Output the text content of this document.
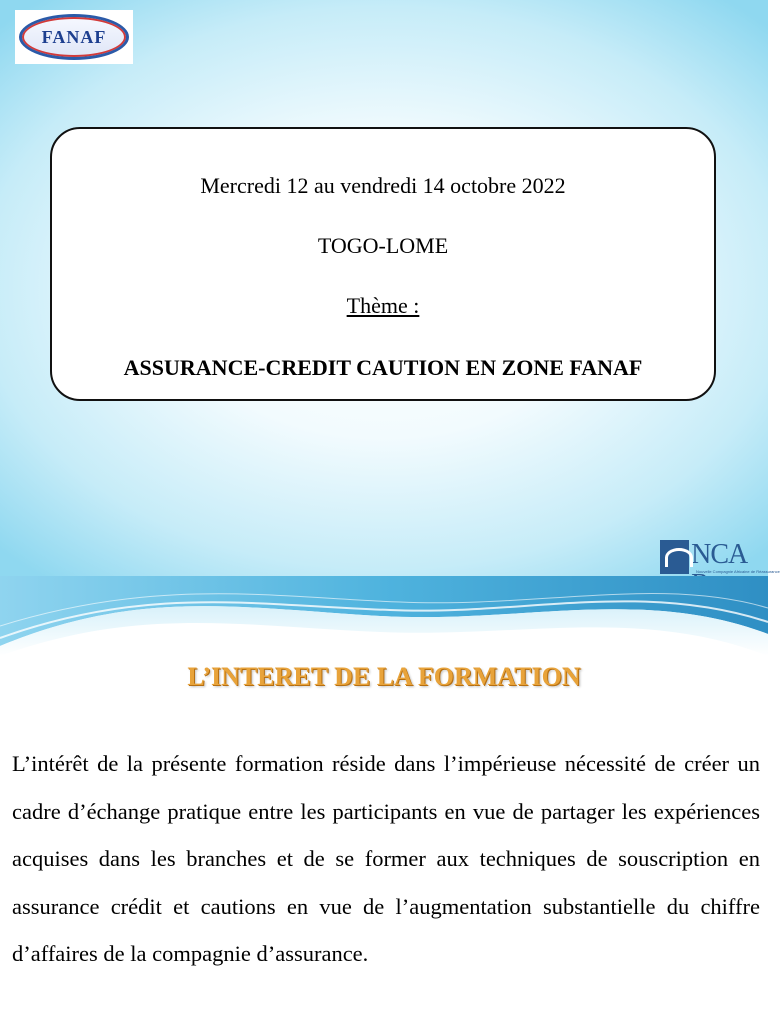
FANAF
Mercredi 12 au vendredi 14 octobre 2022
TOGO-LOME
Thème :
ASSURANCE-CREDIT CAUTION EN ZONE FANAF
NCA
Nouvelle Compagnie Africaine de Réassurance
L’INTERET DE LA FORMATION
L’intérêt de la présente formation réside dans l’impérieuse nécessité de créer un cadre d’échange pratique entre les participants en vue de partager les expériences acquises dans les branches et de se former aux techniques de souscription en assurance crédit et cautions en vue de l’augmentation substantielle du chiffre d’affaires de la compagnie d’assurance.
